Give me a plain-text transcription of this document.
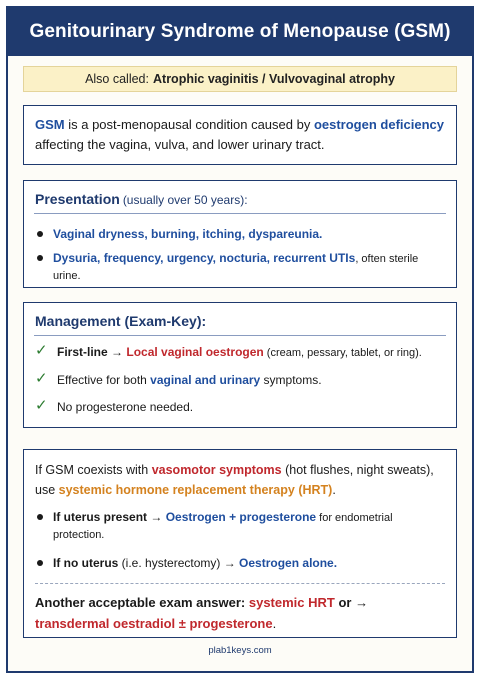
Genitourinary Syndrome of Menopause (GSM)
Also called: Atrophic vaginitis / Vulvovaginal atrophy

GSM is a post-menopausal condition caused by oestrogen deficiency
affecting the vagina, vulva, and lower urinary tract.

Presentation (usually over 50 years):
Vaginal dryness, burning, itching, dyspareunia.
Dysuria, frequency, urgency, nocturia, recurrent UTIs, often sterile urine.
Management (Exam-Key):
✓ First-line → Local vaginal oestrogen (cream, pessary, tablet, or ring).
✓ Effective for both vaginal and urinary symptoms.
✓ No progesterone needed.

If GSM coexists with vasomotor symptoms (hot flushes, night sweats),
use systemic hormone replacement therapy (HRT).

If uterus present → Oestrogen + progesterone for endometrial protection.
If no uterus (i.e. hysterectomy) → Oestrogen alone.

Another acceptable exam answer: systemic HRT or → transdermal oestradiol ± progesterone.

plab1keys.com
